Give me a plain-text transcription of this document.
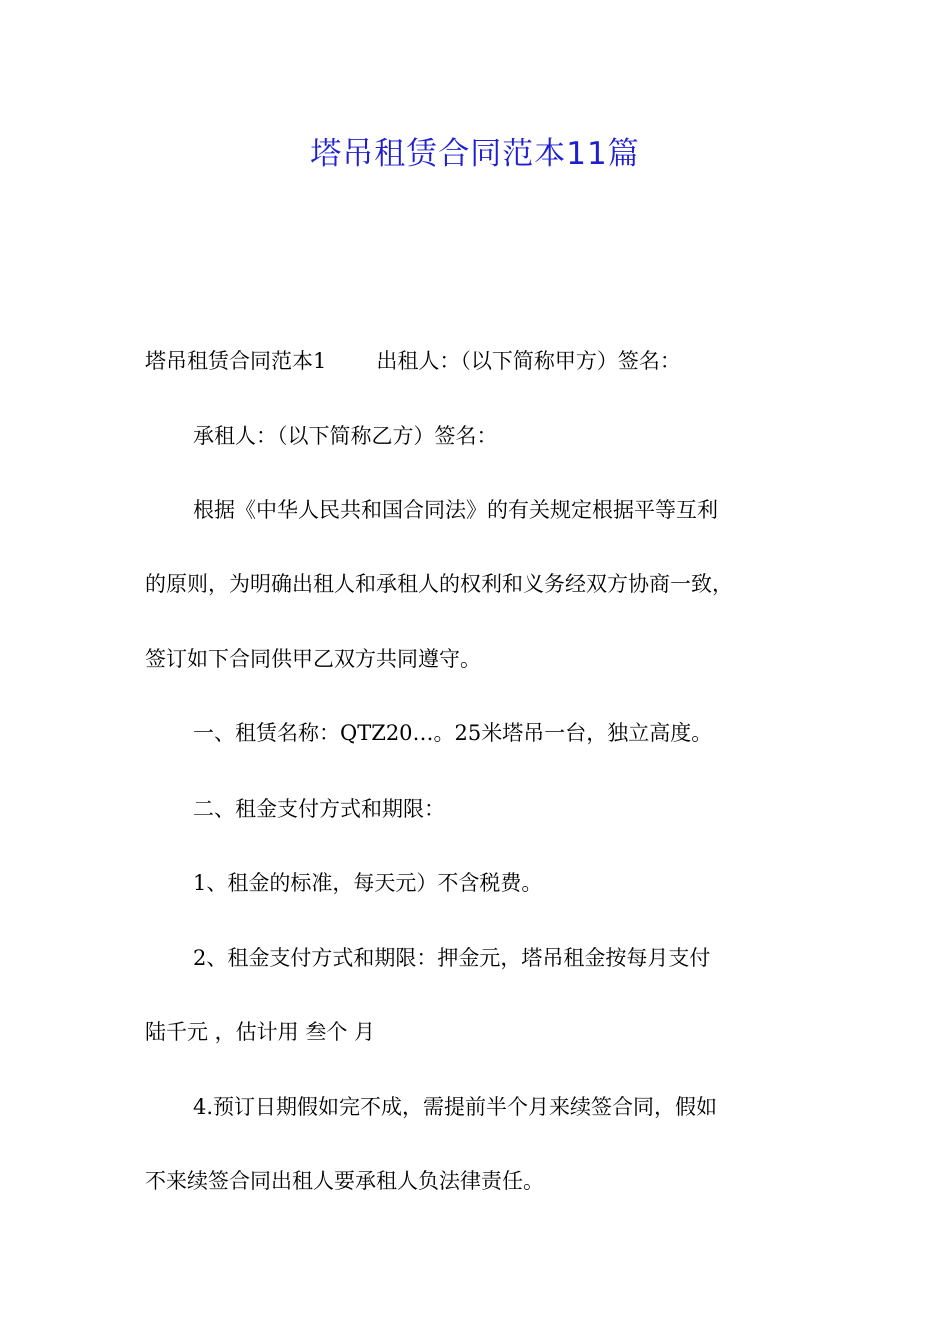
塔吊租赁合同范本11篇
塔吊租赁合同范本1 出租人：（以下简称甲方）签名：
承租人：（以下简称乙方）签名：
根据《中华人民共和国合同法》的有关规定根据平等互利
的原则，为明确出租人和承租人的权利和义务经双方协商一致，
签订如下合同供甲乙双方共同遵守。
一、租赁名称：QTZ20…。25米塔吊一台，独立高度。
二、租金支付方式和期限：
1、租金的标准，每天元）不含税费。
2、租金支付方式和期限：押金元，塔吊租金按每月支付
陆千元 ，估计用 叁个 月
4.预订日期假如完不成，需提前半个月来续签合同，假如
不来续签合同出租人要承租人负法律责任。
